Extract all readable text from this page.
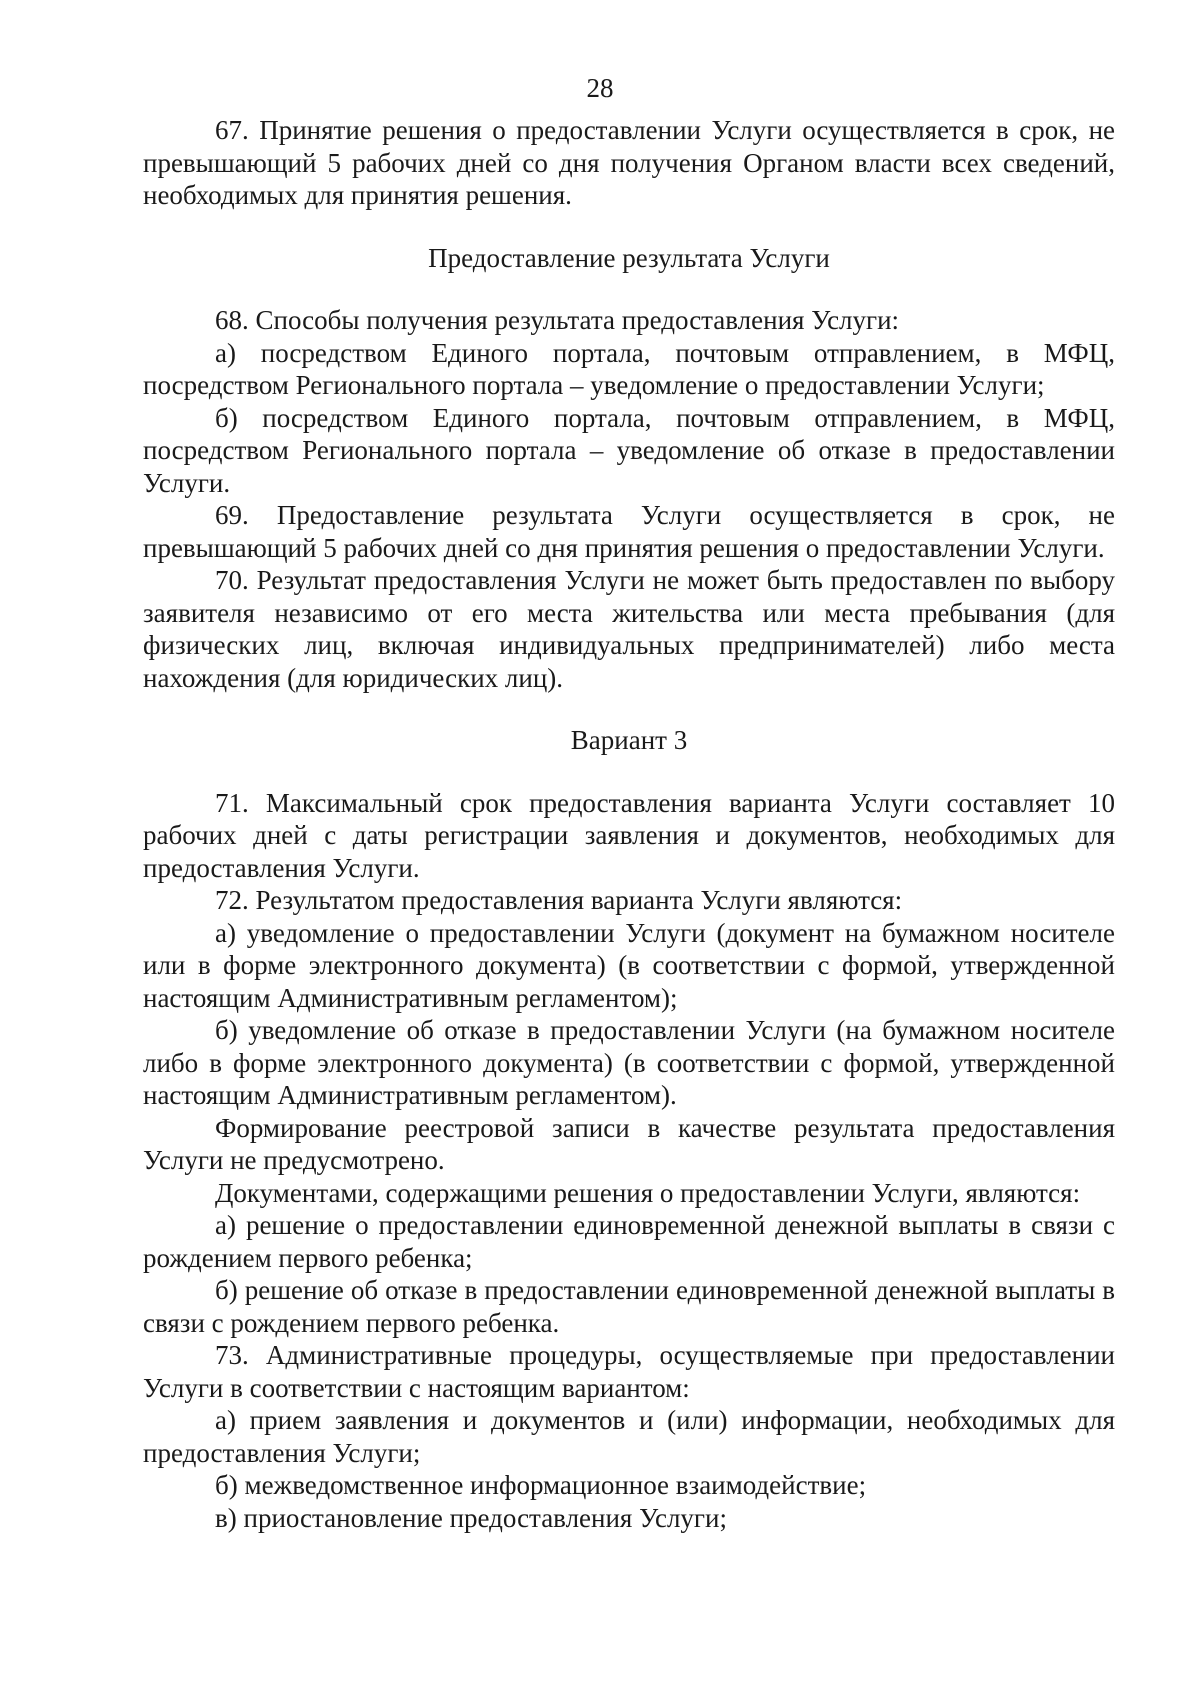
28

67. Принятие решения о предоставлении Услуги осуществляется в срок, не превышающий 5 рабочих дней со дня получения Органом власти всех сведений, необходимых для принятия решения.

Предоставление результата Услуги

68. Способы получения результата предоставления Услуги:

а) посредством Единого портала, почтовым отправлением, в МФЦ, посредством Регионального портала – уведомление о предоставлении Услуги;

б) посредством Единого портала, почтовым отправлением, в МФЦ, посредством Регионального портала – уведомление об отказе в предоставлении Услуги.

69. Предоставление результата Услуги осуществляется в срок, не превышающий 5 рабочих дней со дня принятия решения о предоставлении Услуги.

70. Результат предоставления Услуги не может быть предоставлен по выбору заявителя независимо от его места жительства или места пребывания (для физических лиц, включая индивидуальных предпринимателей) либо места нахождения (для юридических лиц).

Вариант 3

71. Максимальный срок предоставления варианта Услуги составляет 10 рабочих дней с даты регистрации заявления и документов, необходимых для предоставления Услуги.

72. Результатом предоставления варианта Услуги являются:

а) уведомление о предоставлении Услуги (документ на бумажном носителе или в форме электронного документа) (в соответствии с формой, утвержденной настоящим Административным регламентом);

б) уведомление об отказе в предоставлении Услуги (на бумажном носителе либо в форме электронного документа) (в соответствии с формой, утвержденной настоящим Административным регламентом).

Формирование реестровой записи в качестве результата предоставления Услуги не предусмотрено.

Документами, содержащими решения о предоставлении Услуги, являются:

а) решение о предоставлении единовременной денежной выплаты в связи с рождением первого ребенка;

б) решение об отказе в предоставлении единовременной денежной выплаты в связи с рождением первого ребенка.

73. Административные процедуры, осуществляемые при предоставлении Услуги в соответствии с настоящим вариантом:

а) прием заявления и документов и (или) информации, необходимых для предоставления Услуги;

б) межведомственное информационное взаимодействие;

в) приостановление предоставления Услуги;
